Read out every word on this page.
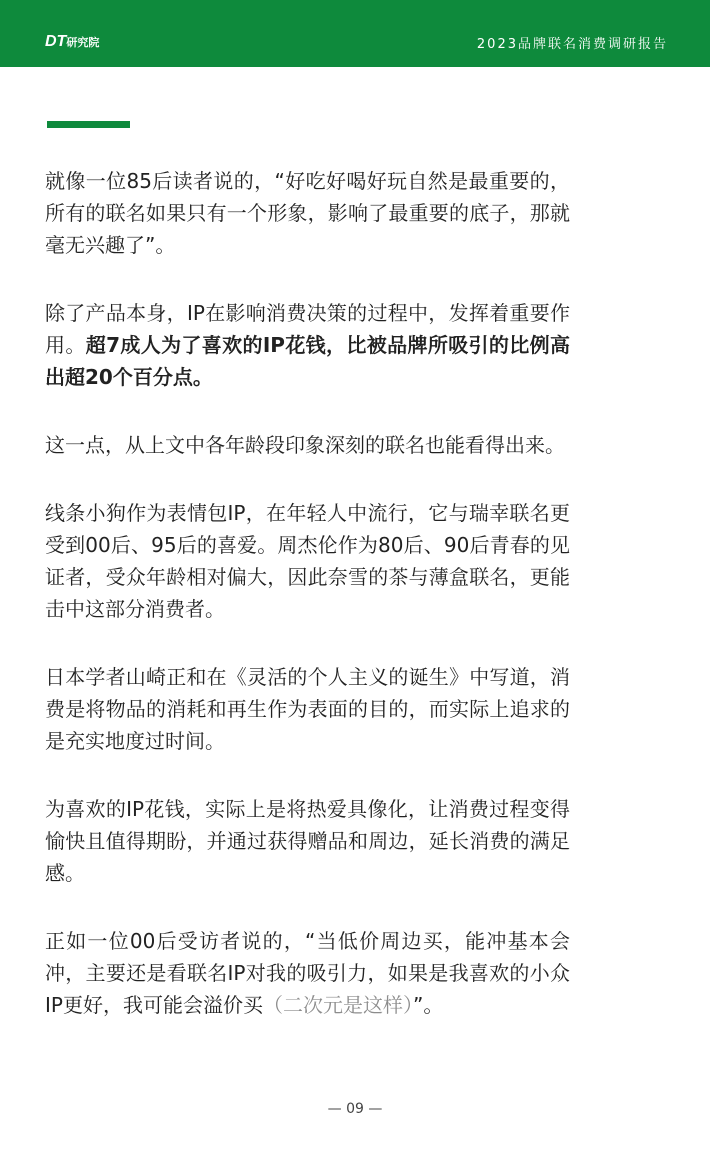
DT研究院	2023品牌联名消费调研报告

就像一位85后读者说的，“好吃好喝好玩自然是最重要的，所有的联名如果只有一个形象，影响了最重要的底子，那就毫无兴趣了”。

除了产品本身，IP在影响消费决策的过程中，发挥着重要作用。超7成人为了喜欢的IP花钱，比被品牌所吸引的比例高出超20个百分点。

这一点，从上文中各年龄段印象深刻的联名也能看得出来。

线条小狗作为表情包IP，在年轻人中流行，它与瑞幸联名更受到00后、95后的喜爱。周杰伦作为80后、90后青春的见证者，受众年龄相对偏大，因此奈雪的茶与薄盒联名，更能击中这部分消费者。

日本学者山崎正和在《灵活的个人主义的诞生》中写道，消费是将物品的消耗和再生作为表面的目的，而实际上追求的是充实地度过时间。

为喜欢的IP花钱，实际上是将热爱具像化，让消费过程变得愉快且值得期盼，并通过获得赠品和周边，延长消费的满足感。

正如一位00后受访者说的，“当低价周边买，能冲基本会冲，主要还是看联名IP对我的吸引力，如果是我喜欢的小众IP更好，我可能会溢价买（二次元是这样）”。

— 09 —
